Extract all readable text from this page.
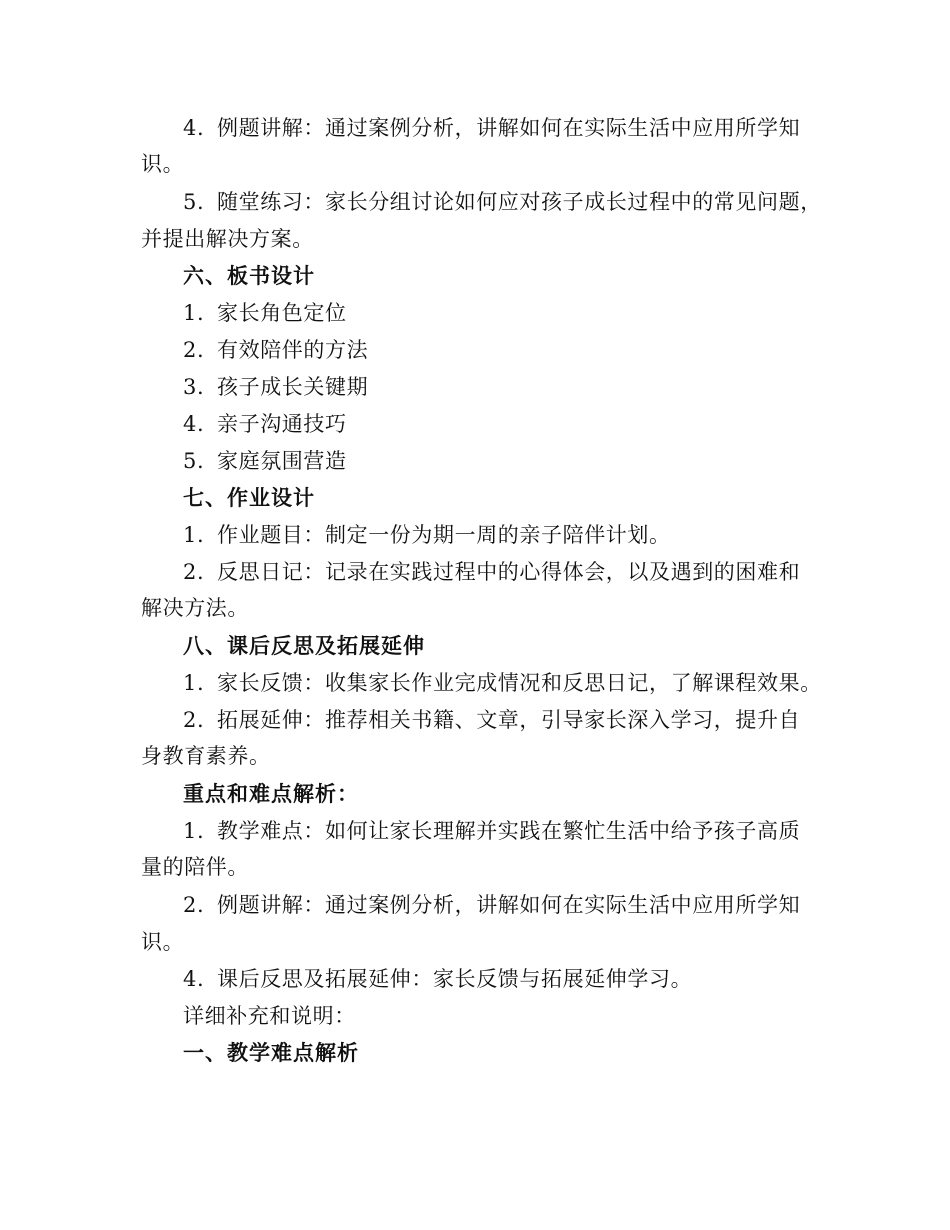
4. 例题讲解：通过案例分析，讲解如何在实际生活中应用所学知
识。
5. 随堂练习：家长分组讨论如何应对孩子成长过程中的常见问题，
并提出解决方案。
六、板书设计
1. 家长角色定位
2. 有效陪伴的方法
3. 孩子成长关键期
4. 亲子沟通技巧
5. 家庭氛围营造
七、作业设计
1. 作业题目：制定一份为期一周的亲子陪伴计划。
2. 反思日记：记录在实践过程中的心得体会，以及遇到的困难和
解决方法。
八、课后反思及拓展延伸
1. 家长反馈：收集家长作业完成情况和反思日记，了解课程效果。
2. 拓展延伸：推荐相关书籍、文章，引导家长深入学习，提升自
身教育素养。
重点和难点解析：
1. 教学难点：如何让家长理解并实践在繁忙生活中给予孩子高质
量的陪伴。
2. 例题讲解：通过案例分析，讲解如何在实际生活中应用所学知
识。
4. 课后反思及拓展延伸：家长反馈与拓展延伸学习。
详细补充和说明：
一、教学难点解析
